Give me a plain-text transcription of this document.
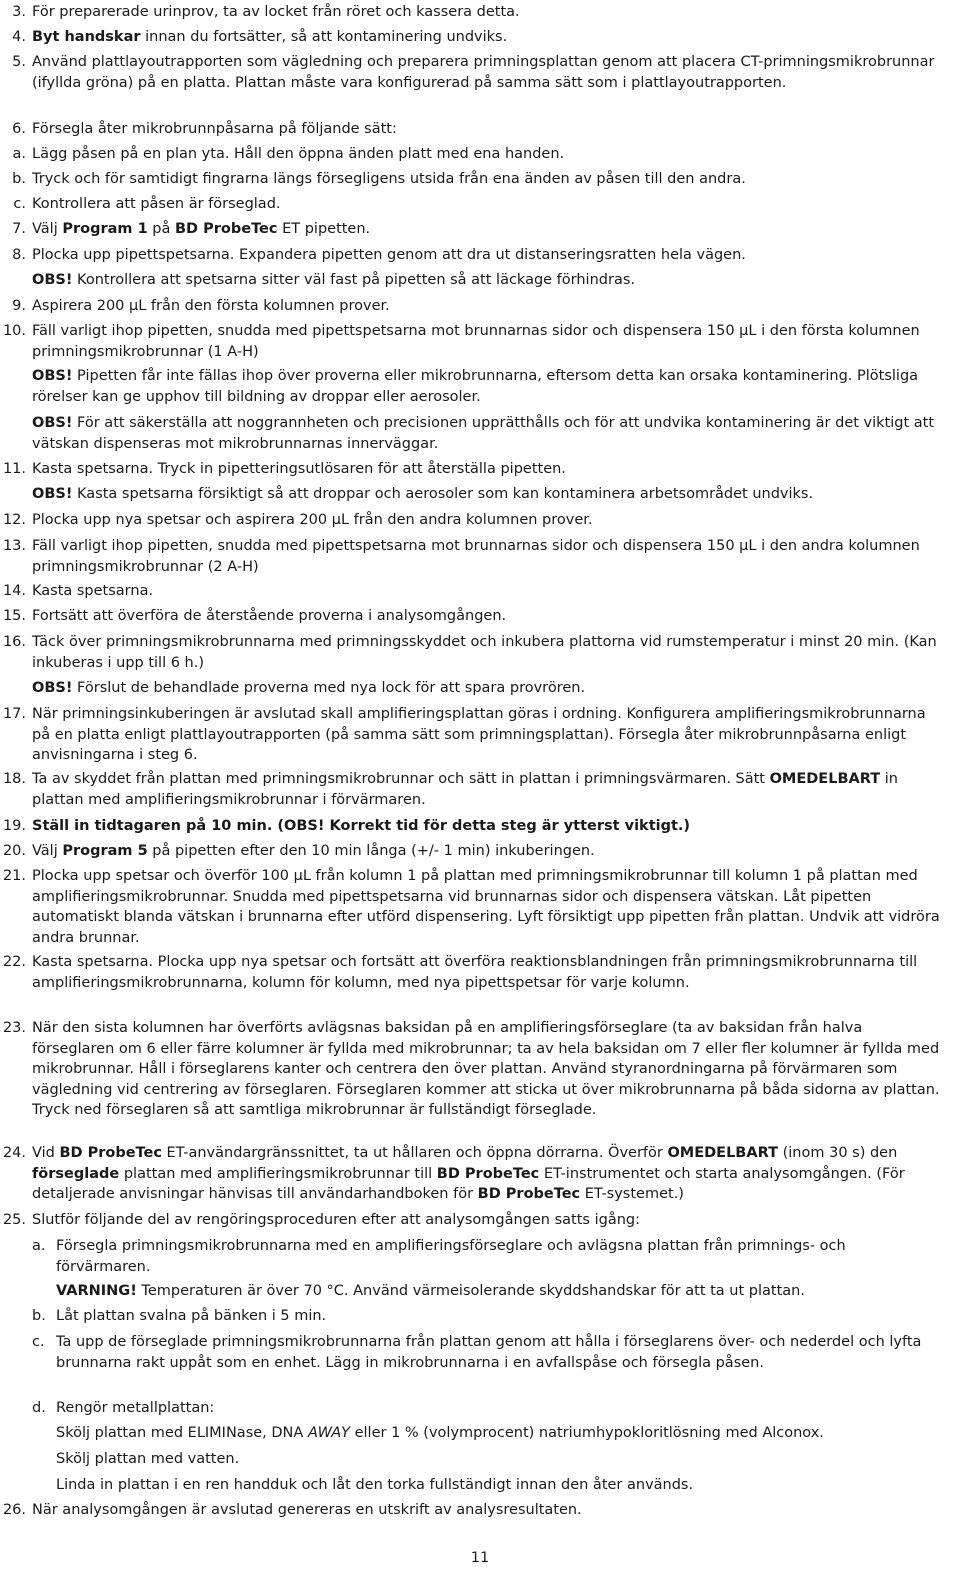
3. För preparerade urinprov, ta av locket från röret och kassera detta.
4. Byt handskar innan du fortsätter, så att kontaminering undviks.
5. Använd plattlayoutrapporten som vägledning och preparera primningsplattan genom att placera CT-primningsmikrobrunnar (ifyllda gröna) på en platta. Plattan måste vara konfigurerad på samma sätt som i plattlayoutrapporten.
6. Försegla åter mikrobrunnpåsarna på följande sätt:
a. Lägg påsen på en plan yta. Håll den öppna änden platt med ena handen.
b. Tryck och för samtidigt fingrarna längs försegligens utsida från ena änden av påsen till den andra.
c. Kontrollera att påsen är förseglad.
7. Välj Program 1 på BD ProbeTec ET pipetten.
8. Plocka upp pipettspetsarna. Expandera pipetten genom att dra ut distanseringsratten hela vägen.
OBS! Kontrollera att spetsarna sitter väl fast på pipetten så att läckage förhindras.
9. Aspirera 200 µL från den första kolumnen prover.
10. Fäll varligt ihop pipetten, snudda med pipettspetsarna mot brunnarnas sidor och dispensera 150 µL i den första kolumnen primningsmikrobrunnar (1 A-H)
OBS! Pipetten får inte fällas ihop över proverna eller mikrobrunnarna, eftersom detta kan orsaka kontaminering. Plötsliga rörelser kan ge upphov till bildning av droppar eller aerosoler.
OBS! För att säkerställa att noggrannheten och precisionen upprätthålls och för att undvika kontaminering är det viktigt att vätskan dispenseras mot mikrobrunnarnas innerväggar.
11. Kasta spetsarna. Tryck in pipetteringsutlösaren för att återställa pipetten.
OBS! Kasta spetsarna försiktigt så att droppar och aerosoler som kan kontaminera arbetsområdet undviks.
12. Plocka upp nya spetsar och aspirera 200 µL från den andra kolumnen prover.
13. Fäll varligt ihop pipetten, snudda med pipettspetsarna mot brunnarnas sidor och dispensera 150 µL i den andra kolumnen primningsmikrobrunnar (2 A-H)
14. Kasta spetsarna.
15. Fortsätt att överföra de återstående proverna i analysomgången.
16. Täck över primningsmikrobrunnarna med primningsskyddet och inkubera plattorna vid rumstemperatur i minst 20 min. (Kan inkuberas i upp till 6 h.)
OBS! Förslut de behandlade proverna med nya lock för att spara provrören.
17. När primningsinkuberingen är avslutad skall amplifieringsplattan göras i ordning. Konfigurera amplifieringsmikrobrunnarna på en platta enligt plattlayoutrapporten (på samma sätt som primningsplattan). Försegla åter mikrobrunnpåsarna enligt anvisningarna i steg 6.
18. Ta av skyddet från plattan med primningsmikrobrunnar och sätt in plattan i primningsvärmaren. Sätt OMEDELBART in plattan med amplifieringsmikrobrunnar i förvärmaren.
19. Ställ in tidtagaren på 10 min. (OBS! Korrekt tid för detta steg är ytterst viktigt.)
20. Välj Program 5 på pipetten efter den 10 min långa (+/- 1 min) inkuberingen.
21. Plocka upp spetsar och överför 100 µL från kolumn 1 på plattan med primningsmikrobrunnar till kolumn 1 på plattan med amplifieringsmikrobrunnar. Snudda med pipettspetsarna vid brunnarnas sidor och dispensera vätskan. Låt pipetten automatiskt blanda vätskan i brunnarna efter utförd dispensering. Lyft försiktigt upp pipetten från plattan. Undvik att vidröra andra brunnar.
22. Kasta spetsarna. Plocka upp nya spetsar och fortsätt att överföra reaktionsblandningen från primningsmikrobrunnarna till amplifieringsmikrobrunnarna, kolumn för kolumn, med nya pipettspetsar för varje kolumn.
23. När den sista kolumnen har överförts avlägsnas baksidan på en amplifieringsförseglare (ta av baksidan från halva förseglaren om 6 eller färre kolumner är fyllda med mikrobrunnar; ta av hela baksidan om 7 eller fler kolumner är fyllda med mikrobrunnar. Håll i förseglarens kanter och centrera den över plattan. Använd styranordningarna på förvärmaren som vägledning vid centrering av förseglaren. Förseglaren kommer att sticka ut över mikrobrunnarna på båda sidorna av plattan. Tryck ned förseglaren så att samtliga mikrobrunnar är fullständigt förseglade.
24. Vid BD ProbeTec ET-användargränssnittet, ta ut hållaren och öppna dörrarna. Överför OMEDELBART (inom 30 s) den förseglade plattan med amplifieringsmikrobrunnar till BD ProbeTec ET-instrumentet och starta analysomgången. (För detaljerade anvisningar hänvisas till användarhandboken för BD ProbeTec ET-systemet.)
25. Slutför följande del av rengöringsproceduren efter att analysomgången satts igång:
a. Försegla primningsmikrobrunnarna med en amplifieringsförseglare och avlägsna plattan från primnings- och förvärmaren.
VARNING! Temperaturen är över 70 °C. Använd värmeisolerande skyddshandskar för att ta ut plattan.
b. Låt plattan svalna på bänken i 5 min.
c. Ta upp de förseglade primningsmikrobrunnarna från plattan genom att hålla i förseglarens över- och nederdel och lyfta brunnarna rakt uppåt som en enhet. Lägg in mikrobrunnarna i en avfallspåse och försegla påsen.
d. Rengör metallplattan:
Skölj plattan med ELIMINase, DNA AWAY eller 1 % (volymprocent) natriumhypokloritlösning med Alconox.
Skölj plattan med vatten.
Linda in plattan i en ren handduk och låt den torka fullständigt innan den åter används.
26. När analysomgången är avslutad genereras en utskrift av analysresultaten.
11
